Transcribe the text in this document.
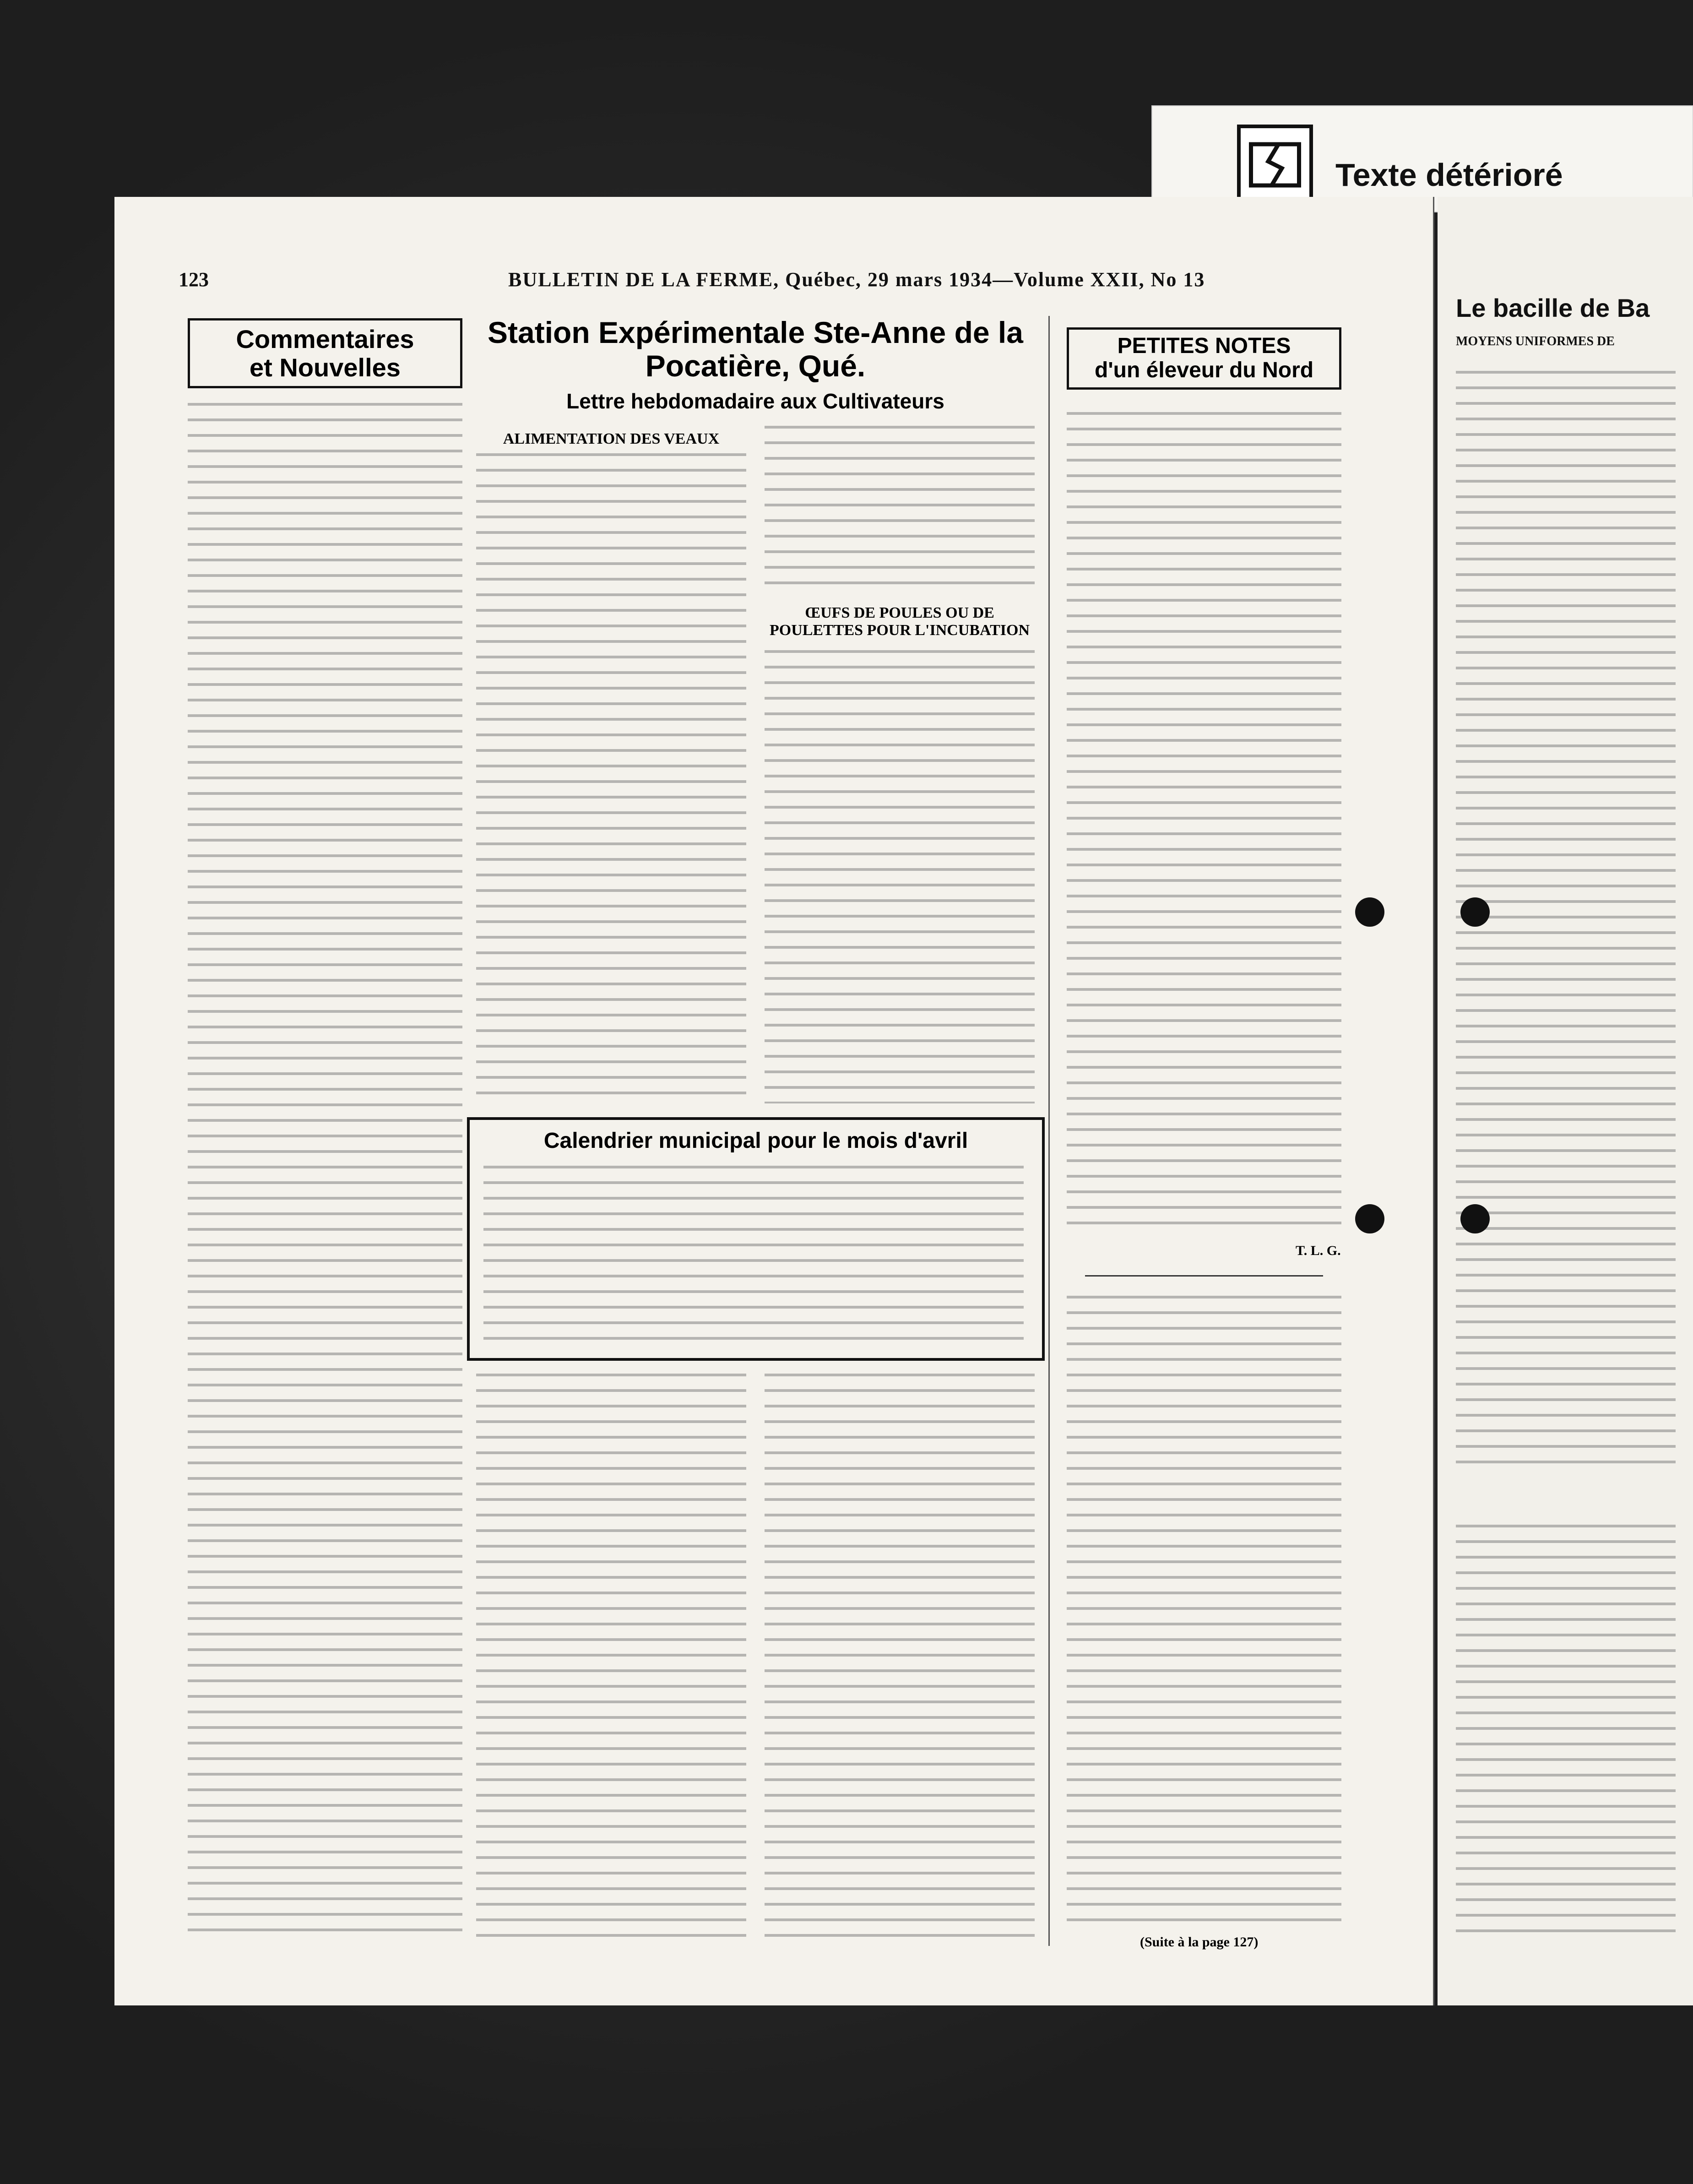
Texte détérioré
Le bacille de Ba
MOYENS UNIFORMES DE
123	BULLETIN DE LA FERME, Québec, 29 mars 1934—Volume XXII, No 13
Commentaires
et Nouvelles
Station Expérimentale Ste-Anne de la
Pocatière, Qué.
Lettre hebdomadaire aux Cultivateurs
ALIMENTATION DES VEAUX
ŒUFS DE POULES OU DE POULETTES POUR L'INCUBATION
Calendrier municipal pour le mois d'avril
PETITES NOTES
d'un éleveur du Nord
T. L. G.
(Suite à la page 127)
